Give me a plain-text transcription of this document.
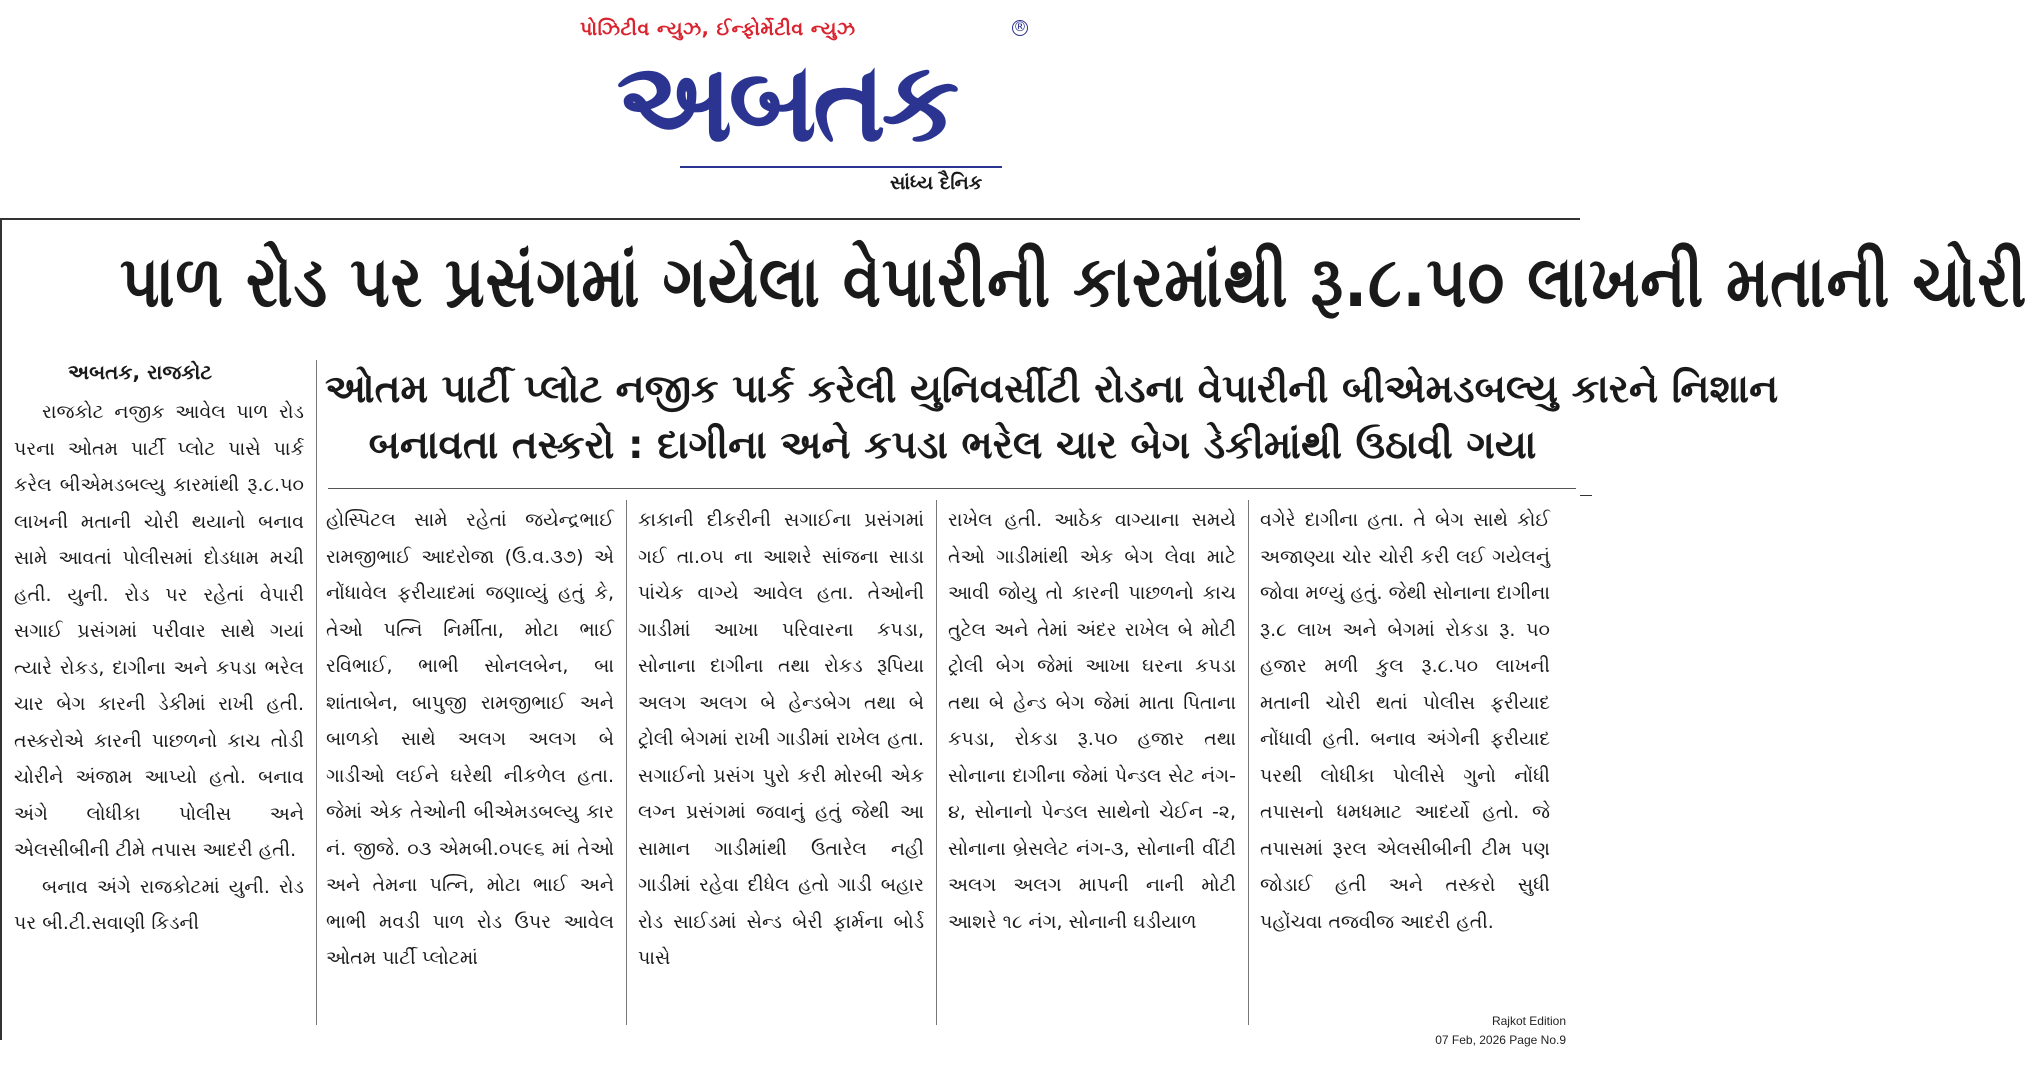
પોઝિટીવ ન્યુઝ, ઈન્ફોર્મેટીવ ન્યુઝ	®
અબતક
સાંધ્ય દૈનિક
પાળ રોડ પર પ્રસંગમાં ગયેલા વેપારીની કારમાંથી રૂ.૮.૫૦ લાખની મતાની ચોરી
ઓતમ પાર્ટી પ્લોટ નજીક પાર્ક કરેલી યુનિવર્સીટી રોડના વેપારીની બીએમડબલ્યુ કારને નિશાન
બનાવતા તસ્કરો : દાગીના અને કપડા ભરેલ ચાર બેગ ડેકીમાંથી ઉઠાવી ગયા
અબતક, રાજકોટ

રાજકોટ નજીક આવેલ પાળ રોડ પરના ઓતમ પાર્ટી પ્લોટ પાસે પાર્ક કરેલ બીએમડબલ્યુ કારમાંથી રૂ.૮.૫૦ લાખની મતાની ચોરી થયાનો બનાવ સામે આવતાં પોલીસમાં દોડધામ મચી હતી. યુની. રોડ પર રહેતાં વેપારી સગાઈ પ્રસંગમાં પરીવાર સાથે ગયાં ત્યારે રોકડ, દાગીના અને કપડા ભરેલ ચાર બેગ કારની ડેકીમાં રાખી હતી. તસ્કરોએ કારની પાછળનો કાચ તોડી ચોરીને અંજામ આપ્યો હતો. બનાવ અંગે લોધીકા પોલીસ અને એલસીબીની ટીમે તપાસ આદરી હતી.

બનાવ અંગે રાજકોટમાં યુની. રોડ પર બી.ટી.સવાણી કિડની

હોસ્પિટલ સામે રહેતાં જયેન્દ્રભાઈ રામજીભાઈ આદરોજા (ઉ.વ.૩૭) એ નોંધાવેલ ફરીયાદમાં જણાવ્યું હતું કે, તેઓ પત્નિ નિર્મીતા, મોટા ભાઈ રવિભાઈ, ભાભી સોનલબેન, બા શાંતાબેન, બાપુજી રામજીભાઈ અને બાળકો સાથે અલગ અલગ બે ગાડીઓ લઈને ઘરેથી નીકળેલ હતા. જેમાં એક તેઓની બીએમડબલ્યુ કાર નં. જીજે. ૦૩ એમબી.૦૫૯૬ માં તેઓ અને તેમના પત્નિ, મોટા ભાઈ અને ભાભી મવડી પાળ રોડ ઉપર આવેલ ઓતમ પાર્ટી પ્લોટમાં

કાકાની દીકરીની સગાઈના પ્રસંગમાં ગઈ તા.૦૫ ના આશરે સાંજના સાડા પાંચેક વાગ્યે આવેલ હતા. તેઓની ગાડીમાં આખા પરિવારના કપડા, સોનાના દાગીના તથા રોકડ રૂપિયા અલગ અલગ બે હેન્ડબેગ તથા બે ટ્રોલી બેગમાં રાખી ગાડીમાં રાખેલ હતા. સગાઈનો પ્રસંગ પુરો કરી મોરબી એક લગ્ન પ્રસંગમાં જવાનું હતું જેથી આ સામાન ગાડીમાંથી ઉતારેલ નહી ગાડીમાં રહેવા દીધેલ હતો ગાડી બહાર રોડ સાઈડમાં સેન્ડ બેરી ફાર્મના બોર્ડ પાસે

રાખેલ હતી. આઠેક વાગ્યાના સમયે તેઓ ગાડીમાંથી એક બેગ લેવા માટે આવી જોયુ તો કારની પાછળનો કાચ તુટેલ અને તેમાં અંદર રાખેલ બે મોટી ટ્રોલી બેગ જેમાં આખા ઘરના કપડા તથા બે હેન્ડ બેગ જેમાં માતા પિતાના કપડા, રોકડા રૂ.૫૦ હજાર તથા સોનાના દાગીના જેમાં પેન્ડલ સેટ નંગ- ૪, સોનાનો પેન્ડલ સાથેનો ચેઈન -૨, સોનાના બ્રેસલેટ નંગ-૩, સોનાની વીંટી અલગ અલગ માપની નાની મોટી આશરે ૧૮ નંગ, સોનાની ઘડીયાળ

વગેરે દાગીના હતા. તે બેગ સાથે કોઈ અજાણ્યા ચોર ચોરી કરી લઈ ગયેલનું જોવા મળ્યું હતું. જેથી સોનાના દાગીના રૂ.૮ લાખ અને બેગમાં રોકડા રૂ. ૫૦ હજાર મળી કુલ રૂ.૮.૫૦ લાખની મતાની ચોરી થતાં પોલીસ ફરીયાદ નોંધાવી હતી. બનાવ અંગેની ફરીયાદ પરથી લોધીકા પોલીસે ગુનો નોંધી તપાસનો ધમધમાટ આદર્યો હતો. જે તપાસમાં રૂરલ એલસીબીની ટીમ પણ જોડાઈ હતી અને તસ્કરો સુધી પહોંચવા તજવીજ આદરી હતી.

Rajkot Edition
07 Feb, 2026 Page No.9
